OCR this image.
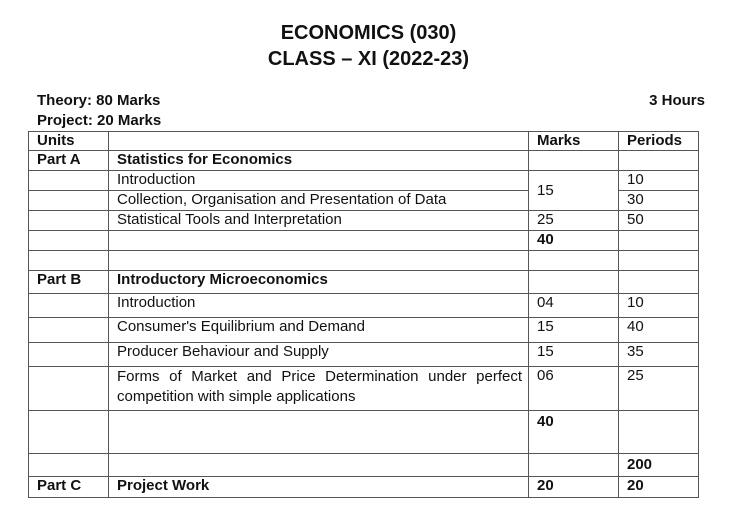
ECONOMICS (030)
CLASS – XI (2022-23)
Theory: 80 Marks
Project: 20 Marks
3 Hours
Units		Marks	Periods
Part A	Statistics for Economics		
	Introduction	15	10
	Collection, Organisation and Presentation of Data		30
	Statistical Tools and Interpretation	25	50
		40	

Part B	Introductory Microeconomics		
	Introduction	04	10
	Consumer's Equilibrium and Demand	15	40
	Producer Behaviour and Supply	15	35
	Forms of Market and Price Determination under perfect competition with simple applications	06	25
		40	
			200
Part C	Project Work	20	20
